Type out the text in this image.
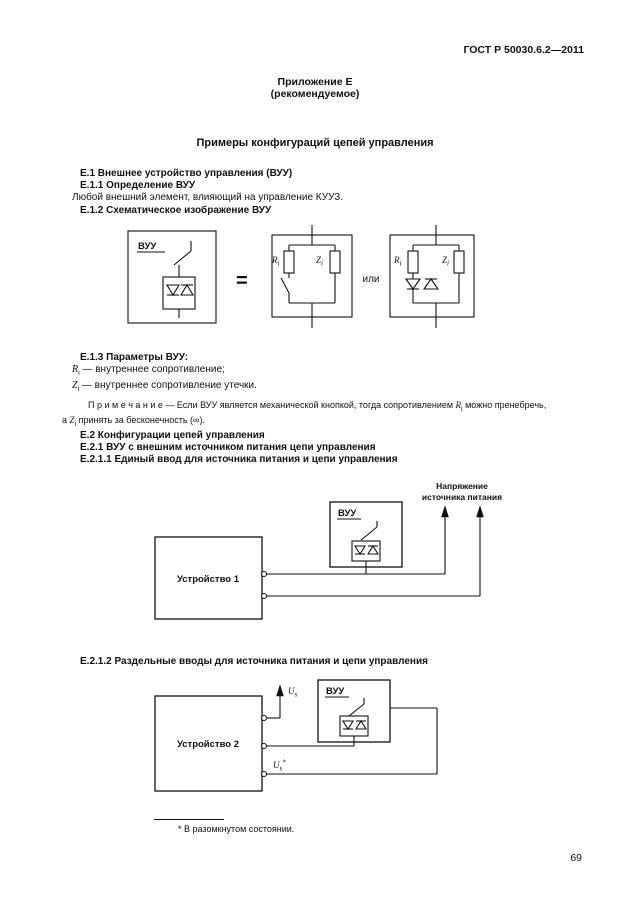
ГОСТ Р 50030.6.2—2011
Приложение Е
(рекомендуемое)
Примеры конфигураций цепей управления

Е.1 Внешнее устройство управления (ВУУ)

Е.1.1 Определение ВУУ

Любой внешний элемент, влияющий на управление КУУЗ.

Е.1.2 Схематическое изображение ВУУ

ВУУ
=
$R_i$	$Z_i$
или
$R_i$	$Z_i$

Е.1.3 Параметры ВУУ:

$R_i$ — внутреннее сопротивление;

$Z_i$ — внутреннее сопротивление утечки.

П р и м е ч а н и е — Если ВУУ является механической кнопкой, тогда сопротивлением $R_i$ можно пренебречь,
а $Z_i$ принять за бесконечность (∞).

Е.2 Конфигурации цепей управления

Е.2.1 ВУУ с внешним источником питания цепи управления

Е.2.1.1 Единый ввод для источника питания и цепи управления

Напряжение
источника питания
Устройство 1
ВУУ

Е.2.1.2 Раздельные вводы для источника питания и цепи управления

Устройство 2
$U_s$	ВУУ
$U_s^*$

* В разомкнутом состоянии.

69
